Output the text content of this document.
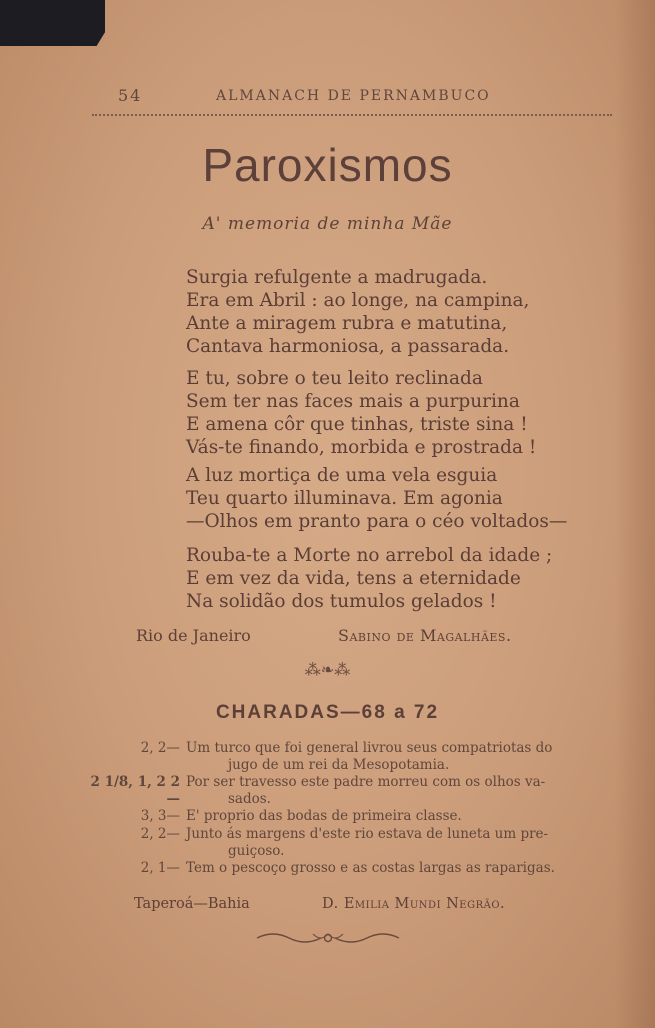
54	ALMANACH DE PERNAMBUCO
Paroxismos
A' memoria de minha Mãe
Surgia refulgente a madrugada.
Era em Abril : ao longe, na campina,
Ante a miragem rubra e matutina,
Cantava harmoniosa, a passarada.
E tu, sobre o teu leito reclinada
Sem ter nas faces mais a purpurina
E amena côr que tinhas, triste sina !
Vás-te finando, morbida e prostrada !
A luz mortiça de uma vela esguia
Teu quarto illuminava. Em agonia
—Olhos em pranto para o céo voltados—
Rouba-te a Morte no arrebol da idade ;
E em vez da vida, tens a eternidade
Na solidão dos tumulos gelados !
Rio de Janeiro	Sabino de Magalhães.
⁂❧⁂
CHARADAS—68 a 72
2, 2— Um turco que foi general livrou seus compatriotas do
jugo de um rei da Mesopotamia.
2 1/8, 1, 2 2—
Por ser travesso este padre morreu com os olhos va-
sados.
3, 3— E' proprio das bodas de primeira classe.
2, 2— Junto ás margens d'este rio estava de luneta um pre-
guiçoso.
2, 1— Tem o pescoço grosso e as costas largas as raparigas.
Taperoá—Bahia	D. Emilia Mundi Negrão.
